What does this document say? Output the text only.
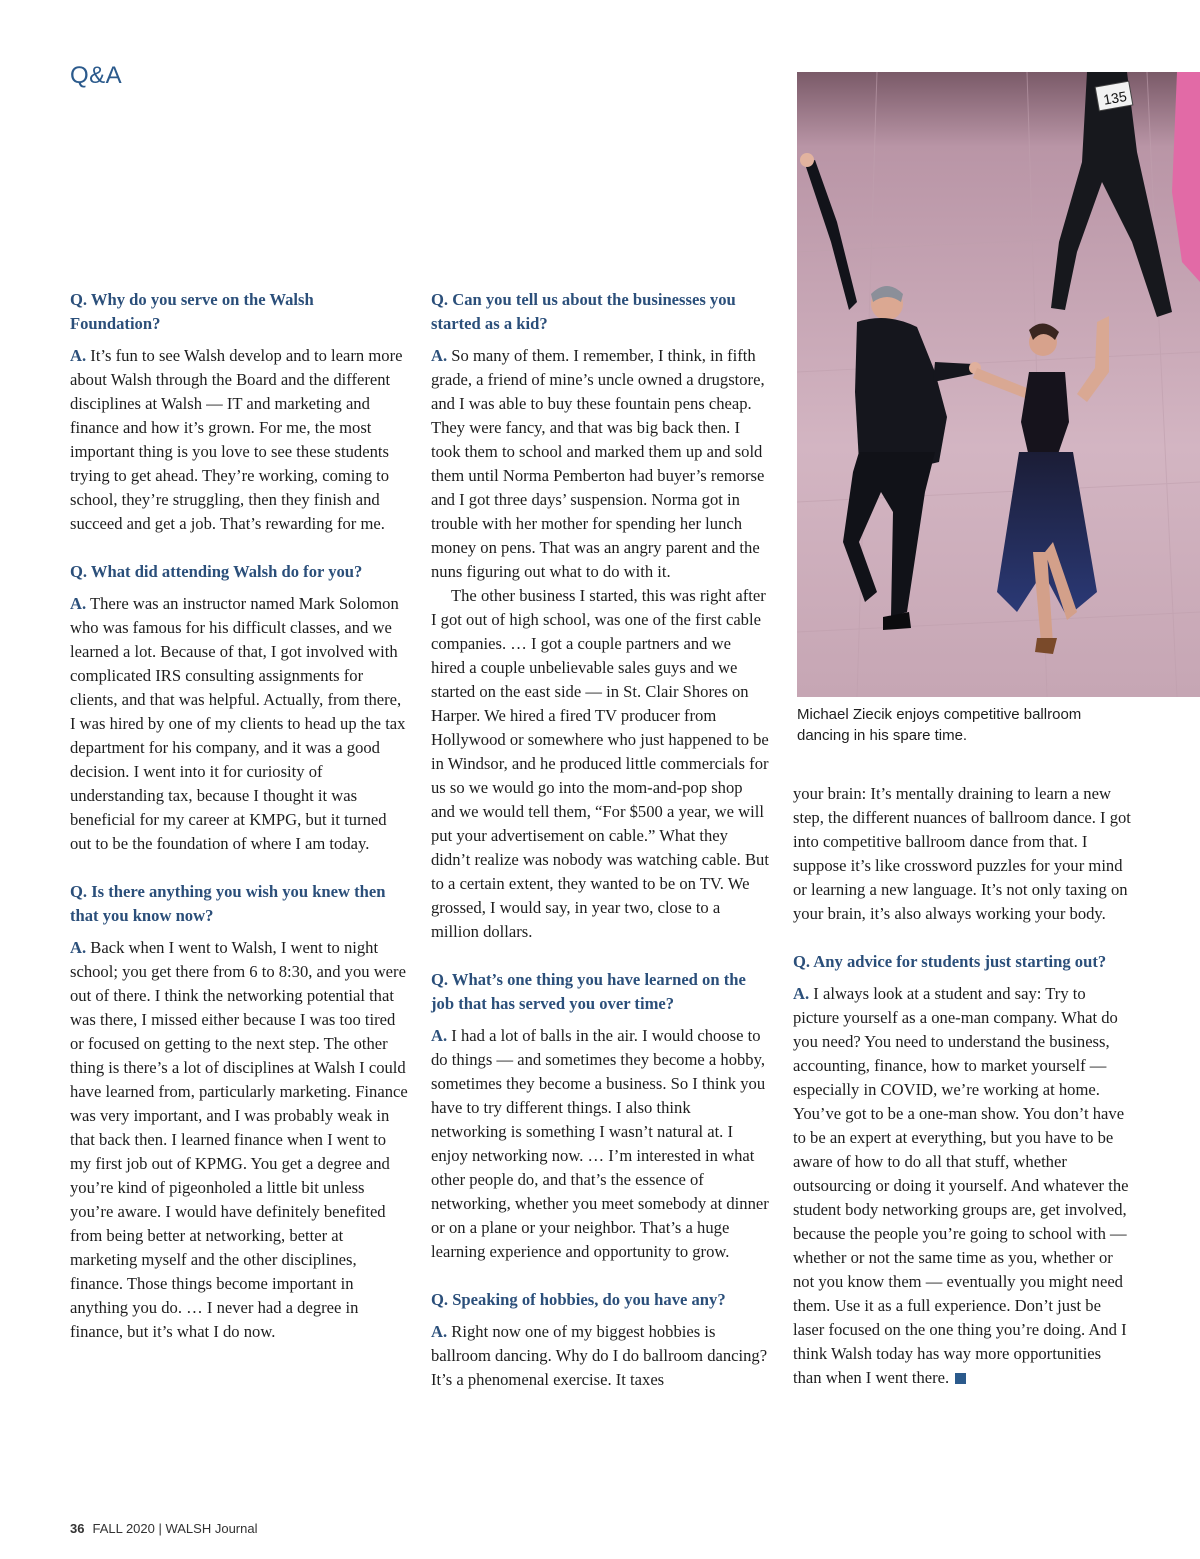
Q&A
Q. Why do you serve on the Walsh Foundation?

A. It’s fun to see Walsh develop and to learn more about Walsh through the Board and the different disciplines at Walsh — IT and marketing and finance and how it’s grown. For me, the most important thing is you love to see these students trying to get ahead. They’re working, coming to school, they’re struggling, then they finish and succeed and get a job. That’s rewarding for me.

Q. What did attending Walsh do for you?

A. There was an instructor named Mark Solomon who was famous for his difficult classes, and we learned a lot. Because of that, I got involved with complicated IRS consulting assignments for clients, and that was helpful. Actually, from there, I was hired by one of my clients to head up the tax department for his company, and it was a good decision. I went into it for curiosity of understanding tax, because I thought it was beneficial for my career at KMPG, but it turned out to be the foundation of where I am today.

Q. Is there anything you wish you knew then that you know now?

A. Back when I went to Walsh, I went to night school; you get there from 6 to 8:30, and you were out of there. I think the networking potential that was there, I missed either because I was too tired or focused on getting to the next step. The other thing is there’s a lot of disciplines at Walsh I could have learned from, particularly marketing. Finance was very important, and I was probably weak in that back then. I learned finance when I went to my first job out of KPMG. You get a degree and you’re kind of pigeonholed a little bit unless you’re aware. I would have definitely benefited from being better at networking, better at marketing myself and the other disciplines, finance. Those things become important in anything you do. … I never had a degree in finance, but it’s what I do now.

Q. Can you tell us about the businesses you started as a kid?

A. So many of them. I remember, I think, in fifth grade, a friend of mine’s uncle owned a drugstore, and I was able to buy these fountain pens cheap. They were fancy, and that was big back then. I took them to school and marked them up and sold them until Norma Pemberton had buyer’s remorse and I got three days’ suspension. Norma got in trouble with her mother for spending her lunch money on pens. That was an angry parent and the nuns figuring out what to do with it.

The other business I started, this was right after I got out of high school, was one of the first cable companies. … I got a couple partners and we hired a couple unbelievable sales guys and we started on the east side — in St. Clair Shores on Harper. We hired a fired TV producer from Hollywood or somewhere who just happened to be in Windsor, and he produced little commercials for us so we would go into the mom-and-pop shop and we would tell them, “For $500 a year, we will put your advertisement on cable.” What they didn’t realize was nobody was watching cable. But to a certain extent, they wanted to be on TV. We grossed, I would say, in year two, close to a million dollars.

Q. What’s one thing you have learned on the job that has served you over time?

A. I had a lot of balls in the air. I would choose to do things — and sometimes they become a hobby, sometimes they become a business. So I think you have to try different things. I also think networking is something I wasn’t natural at. I enjoy networking now. … I’m interested in what other people do, and that’s the essence of networking, whether you meet somebody at dinner or on a plane or your neighbor. That’s a huge learning experience and opportunity to grow.

Q. Speaking of hobbies, do you have any?

A. Right now one of my biggest hobbies is ballroom dancing. Why do I do ballroom dancing? It’s a phenomenal exercise. It taxes

135
Michael Ziecik enjoys competitive ballroom dancing in his spare time.

your brain: It’s mentally draining to learn a new step, the different nuances of ballroom dance. I got into competitive ballroom dance from that. I suppose it’s like crossword puzzles for your mind or learning a new language. It’s not only taxing on your brain, it’s also always working your body.

Q. Any advice for students just starting out?

A. I always look at a student and say: Try to picture yourself as a one-man company. What do you need? You need to understand the business, accounting, finance, how to market yourself — especially in COVID, we’re working at home. You’ve got to be a one-man show. You don’t have to be an expert at everything, but you have to be aware of how to do all that stuff, whether outsourcing or doing it yourself. And whatever the student body networking groups are, get involved, because the people you’re going to school with — whether or not the same time as you, whether or not you know them — eventually you might need them. Use it as a full experience. Don’t just be laser focused on the one thing you’re doing. And I think Walsh today has way more opportunities than when I went there.

36 FALL 2020 | WALSH Journal
